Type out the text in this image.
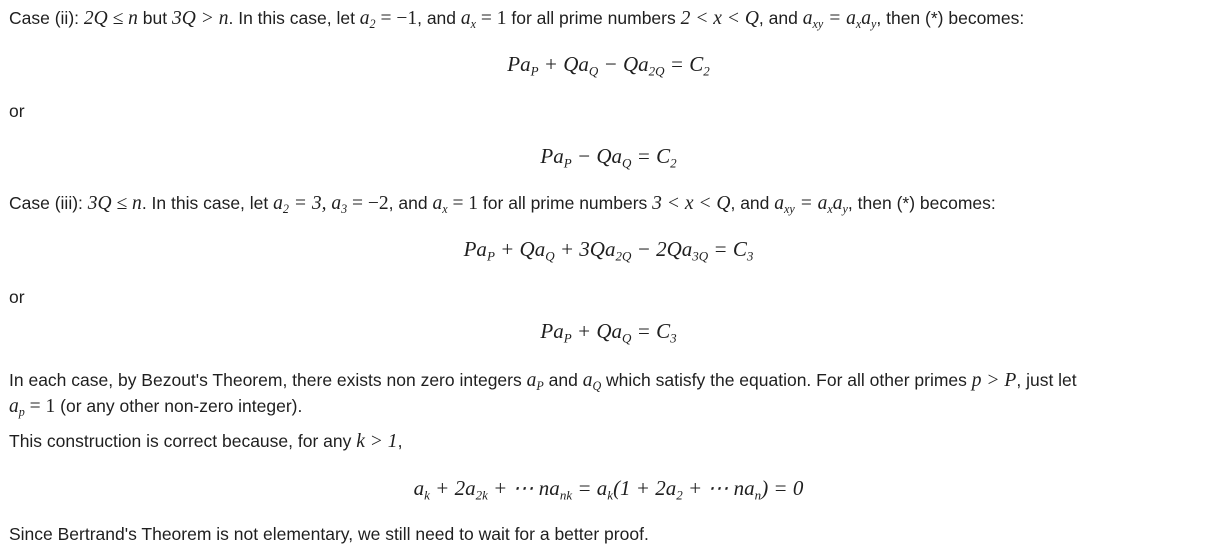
Case (ii): 2Q ≤ n but 3Q > n. In this case, let $a_2 = -1$, and $a_x = 1$ for all prime numbers 2 < x < Q, and $a_{xy} = a_xa_y$, then (*) becomes:
$Pa_P + Qa_Q - Qa_{2Q} = C_2$
or
$Pa_P - Qa_Q = C_2$
Case (iii): 3Q ≤ n. In this case, let $a_2 = 3$, $a_3 = -2$, and $a_x = 1$ for all prime numbers 3 < x < Q, and $a_{xy} = a_xa_y$, then (*) becomes:
$Pa_P + Qa_Q + 3Qa_{2Q} - 2Qa_{3Q} = C_3$
or
$Pa_P + Qa_Q = C_3$
In each case, by Bezout's Theorem, there exists non zero integers $a_P$ and $a_Q$ which satisfy the equation. For all other primes p > P, just let
$a_p = 1$ (or any other non-zero integer).
This construction is correct because, for any k > 1,
$a_k + 2a_{2k}$ + ⋯ $na_{nk} = a_k(1 + 2a_2$ + ⋯ $na_n) = 0$
Since Bertrand's Theorem is not elementary, we still need to wait for a better proof.
